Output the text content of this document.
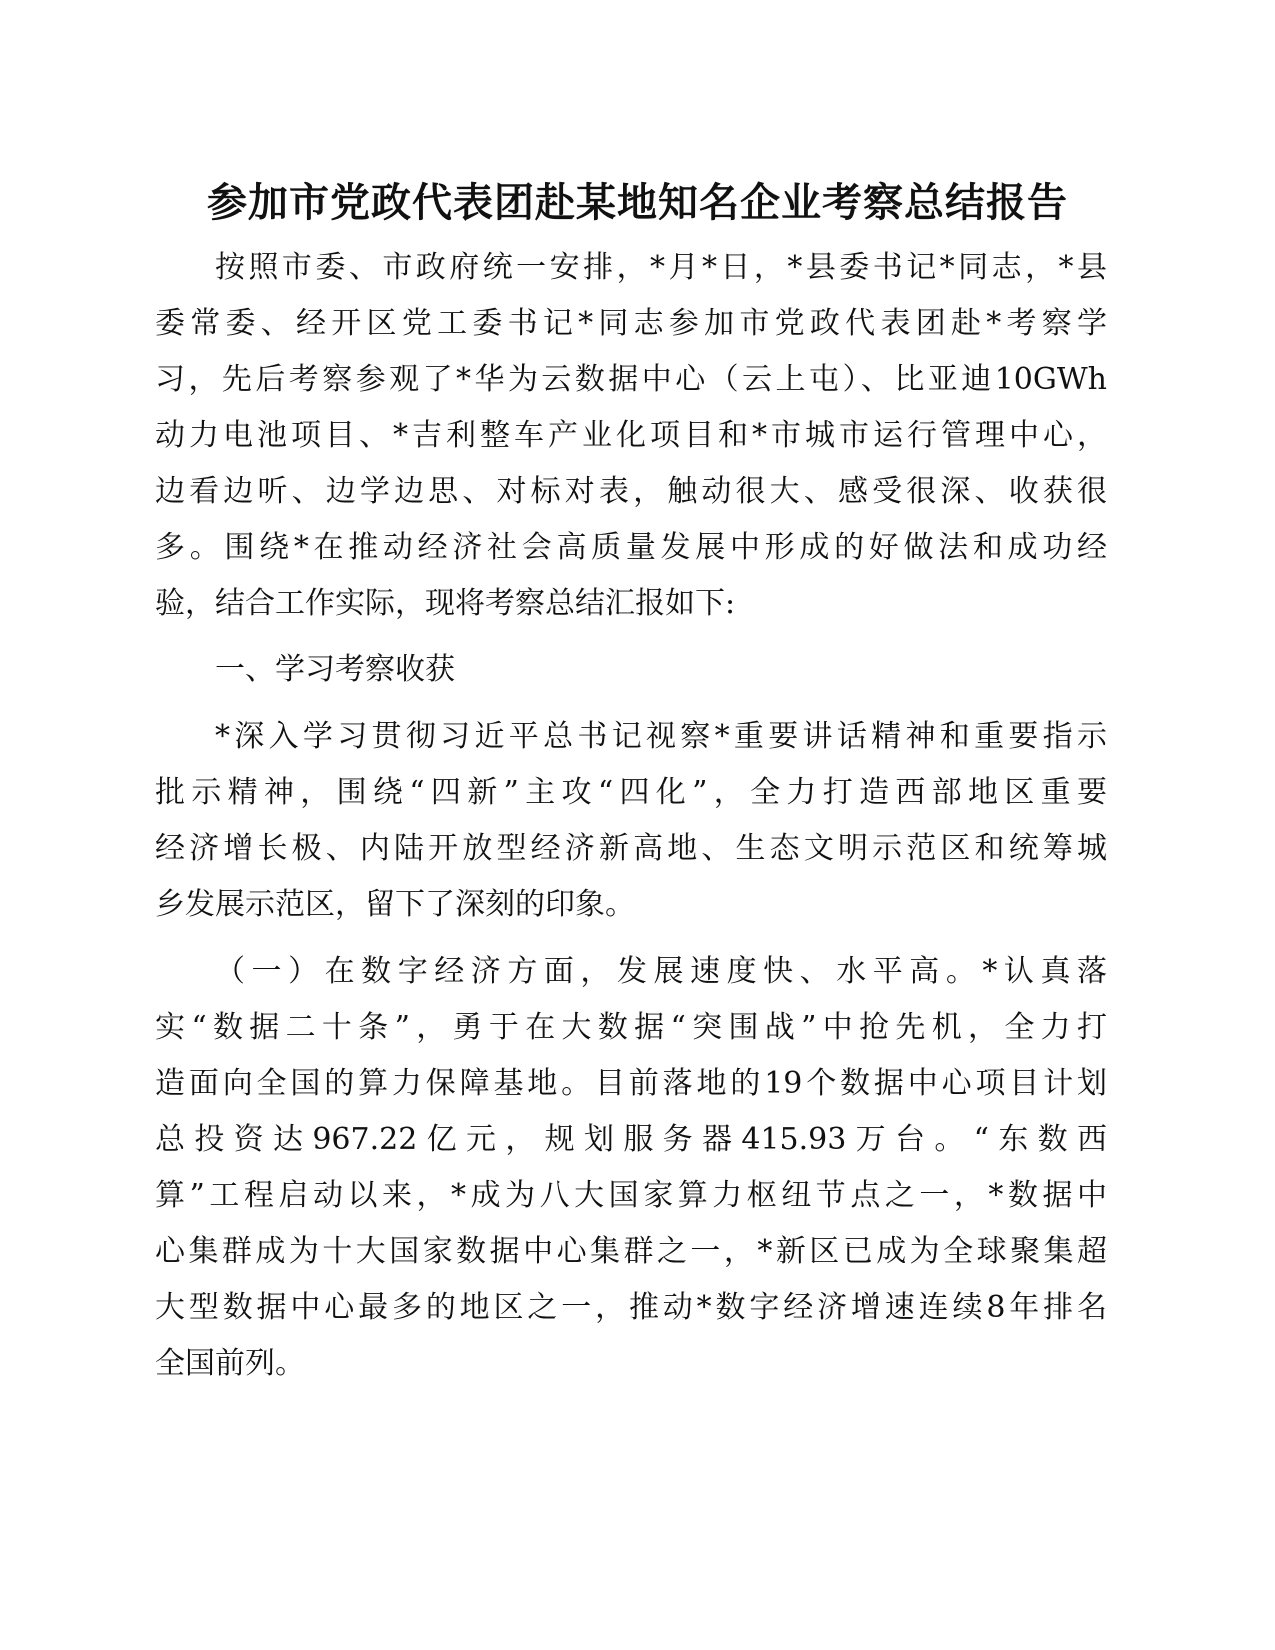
参加市党政代表团赴某地知名企业考察总结报告

按照市委、市政府统一安排，*月*日，*县委书记*同志，*县

委常委、经开区党工委书记*同志参加市党政代表团赴*考察学

习，先后考察参观了*华为云数据中心（云上屯）、比亚迪10GWh

动力电池项目、*吉利整车产业化项目和*市城市运行管理中心，

边看边听、边学边思、对标对表，触动很大、感受很深、收获很

多。围绕*在推动经济社会高质量发展中形成的好做法和成功经

验，结合工作实际，现将考察总结汇报如下:

一、学习考察收获

*深入学习贯彻习近平总书记视察*重要讲话精神和重要指示

批示精神，围绕“四新”主攻“四化”，全力打造西部地区重要

经济增长极、内陆开放型经济新高地、生态文明示范区和统筹城

乡发展示范区，留下了深刻的印象。

（一）在数字经济方面，发展速度快、水平高。*认真落

实“数据二十条”，勇于在大数据“突围战”中抢先机，全力打

造面向全国的算力保障基地。目前落地的19个数据中心项目计划

总投资达967.22亿元，规划服务器415.93万台。“东数西

算”工程启动以来，*成为八大国家算力枢纽节点之一，*数据中

心集群成为十大国家数据中心集群之一，*新区已成为全球聚集超

大型数据中心最多的地区之一，推动*数字经济增速连续8年排名

全国前列。
